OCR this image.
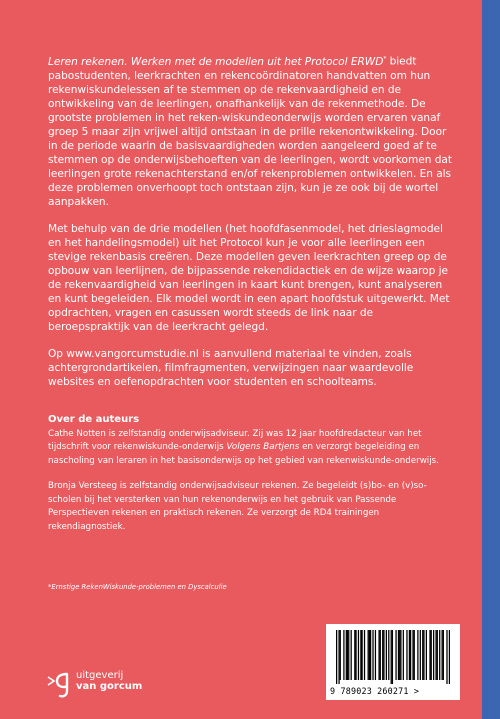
Leren rekenen. Werken met de modellen uit het Protocol ERWD* biedt pabostudenten, leerkrachten en rekencoördinatoren handvatten om hun rekenwiskundelessen af te stemmen op de rekenvaardigheid en de ontwikkeling van de leerlingen, onafhankelijk van de rekenmethode. De grootste problemen in het reken-wiskundeonderwijs worden ervaren vanaf groep 5 maar zijn vrijwel altijd ontstaan in de prille rekenontwikkeling. Door in de periode waarin de basisvaardigheden worden aangeleerd goed af te stemmen op de onderwijsbehoeften van de leerlingen, wordt voorkomen dat leerlingen grote rekenachterstand en/of rekenproblemen ontwikkelen. En als deze problemen onverhoopt toch ontstaan zijn, kun je ze ook bij de wortel aanpakken.

Met behulp van de drie modellen (het hoofdfasenmodel, het drieslagmodel en het handelingsmodel) uit het Protocol kun je voor alle leerlingen een stevige rekenbasis creëren. Deze modellen geven leerkrachten greep op de opbouw van leerlijnen, de bijpassende rekendidactiek en de wijze waarop je de rekenvaardigheid van leerlingen in kaart kunt brengen, kunt analyseren en kunt begeleiden. Elk model wordt in een apart hoofdstuk uitgewerkt. Met opdrachten, vragen en casussen wordt steeds de link naar de beroepspraktijk van de leerkracht gelegd.

Op www.vangorcumstudie.nl is aanvullend materiaal te vinden, zoals achtergrondartikelen, filmfragmenten, verwijzingen naar waardevolle websites en oefenopdrachten voor studenten en schoolteams.

Over de auteurs

Cathe Notten is zelfstandig onderwijsadviseur. Zij was 12 jaar hoofdredacteur van het tijdschrift voor rekenwiskunde-onderwijs Volgens Bartjens en verzorgt begeleiding en nascholing van leraren in het basisonderwijs op het gebied van rekenwiskunde-onderwijs.

Bronja Versteeg is zelfstandig onderwijsadviseur rekenen. Ze begeleidt (s)bo- en (v)so-scholen bij het versterken van hun rekenonderwijs en het gebruik van Passende Perspectieven rekenen en praktisch rekenen. Ze verzorgt de RD4 trainingen rekendiagnostiek.

*Ernstige RekenWiskunde-problemen en Dyscalculie
uitgeverij
van gorcum	9 789023 260271 >
